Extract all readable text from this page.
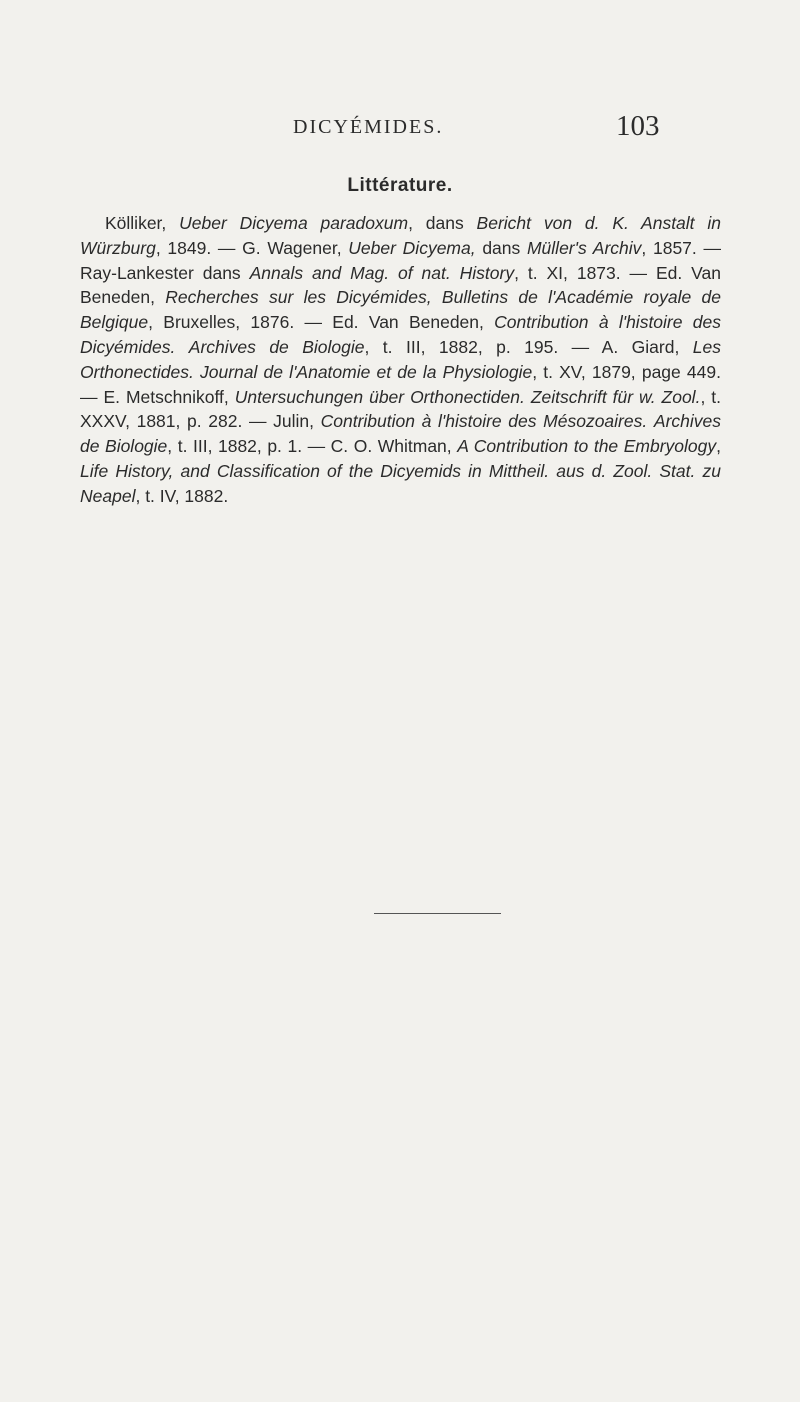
DICYÉMIDES.	103
Littérature.

Kölliker, Ueber Dicyema paradoxum, dans Bericht von d. K. Anstalt in Würzburg, 1849. — G. Wagener, Ueber Dicyema, dans Müller's Archiv, 1857. — Ray-Lankester dans Annals and Mag. of nat. History, t. XI, 1873. — Ed. Van Beneden, Recherches sur les Dicyémides, Bulletins de l'Académie royale de Belgique, Bruxelles, 1876. — Ed. Van Beneden, Contribution à l'histoire des Dicyémides. Archives de Biologie, t. III, 1882, p. 195. — A. Giard, Les Orthonectides. Journal de l'Anatomie et de la Physiologie, t. XV, 1879, page 449. — E. Metschnikoff, Untersuchungen über Orthonectiden. Zeitschrift für w. Zool., t. XXXV, 1881, p. 282. — Julin, Contribution à l'histoire des Mésozoaires. Archives de Biologie, t. III, 1882, p. 1. — C. O. Whitman, A Contribution to the Embryology, Life History, and Classification of the Dicyemids in Mittheil. aus d. Zool. Stat. zu Neapel, t. IV, 1882.
